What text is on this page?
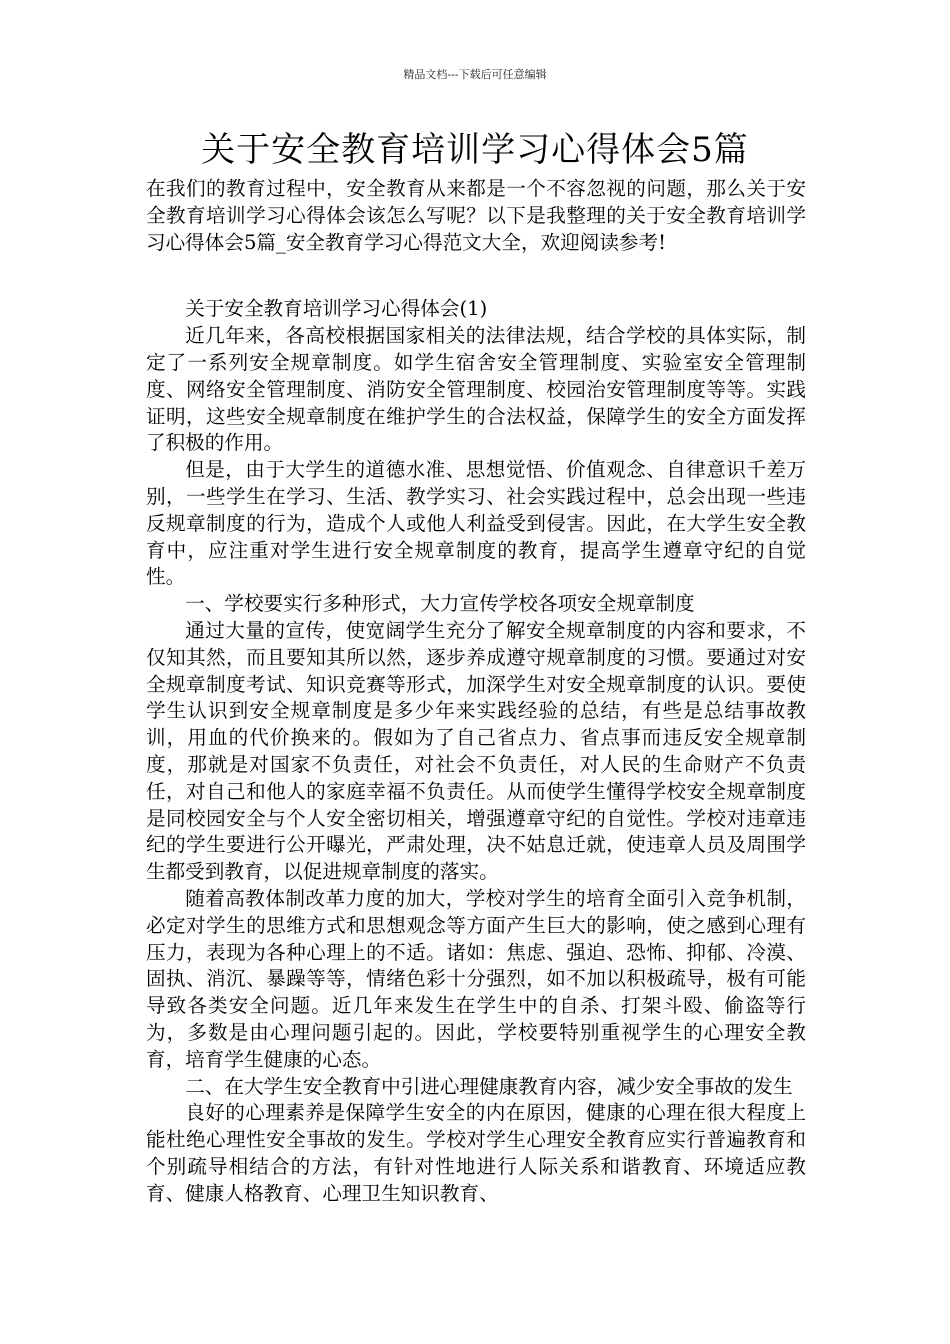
精品文档---下载后可任意编辑
关于安全教育培训学习心得体会5篇

在我们的教育过程中，安全教育从来都是一个不容忽视的问题，那么关于安全教育培训学习心得体会该怎么写呢？以下是我整理的关于安全教育培训学习心得体会5篇_安全教育学习心得范文大全，欢迎阅读参考!

关于安全教育培训学习心得体会(1)

近几年来，各高校根据国家相关的法律法规，结合学校的具体实际，制定了一系列安全规章制度。如学生宿舍安全管理制度、实验室安全管理制度、网络安全管理制度、消防安全管理制度、校园治安管理制度等等。实践证明，这些安全规章制度在维护学生的合法权益，保障学生的安全方面发挥了积极的作用。

但是，由于大学生的道德水准、思想觉悟、价值观念、自律意识千差万别，一些学生在学习、生活、教学实习、社会实践过程中，总会出现一些违反规章制度的行为，造成个人或他人利益受到侵害。因此，在大学生安全教育中，应注重对学生进行安全规章制度的教育，提高学生遵章守纪的自觉性。

一、学校要实行多种形式，大力宣传学校各项安全规章制度

通过大量的宣传，使宽阔学生充分了解安全规章制度的内容和要求，不仅知其然，而且要知其所以然，逐步养成遵守规章制度的习惯。要通过对安全规章制度考试、知识竞赛等形式，加深学生对安全规章制度的认识。要使学生认识到安全规章制度是多少年来实践经验的总结，有些是总结事故教训，用血的代价换来的。假如为了自己省点力、省点事而违反安全规章制度，那就是对国家不负责任，对社会不负责任，对人民的生命财产不负责任，对自己和他人的家庭幸福不负责任。从而使学生懂得学校安全规章制度是同校园安全与个人安全密切相关，增强遵章守纪的自觉性。学校对违章违纪的学生要进行公开曝光，严肃处理，决不姑息迁就，使违章人员及周围学生都受到教育，以促进规章制度的落实。

随着高教体制改革力度的加大，学校对学生的培育全面引入竞争机制，必定对学生的思维方式和思想观念等方面产生巨大的影响，使之感到心理有压力，表现为各种心理上的不适。诸如：焦虑、强迫、恐怖、抑郁、冷漠、固执、消沉、暴躁等等，情绪色彩十分强烈，如不加以积极疏导，极有可能导致各类安全问题。近几年来发生在学生中的自杀、打架斗殴、偷盗等行为，多数是由心理问题引起的。因此，学校要特别重视学生的心理安全教育，培育学生健康的心态。

二、在大学生安全教育中引进心理健康教育内容，减少安全事故的发生

良好的心理素养是保障学生安全的内在原因，健康的心理在很大程度上能杜绝心理性安全事故的发生。学校对学生心理安全教育应实行普遍教育和个别疏导相结合的方法，有针对性地进行人际关系和谐教育、环境适应教育、健康人格教育、心理卫生知识教育、
